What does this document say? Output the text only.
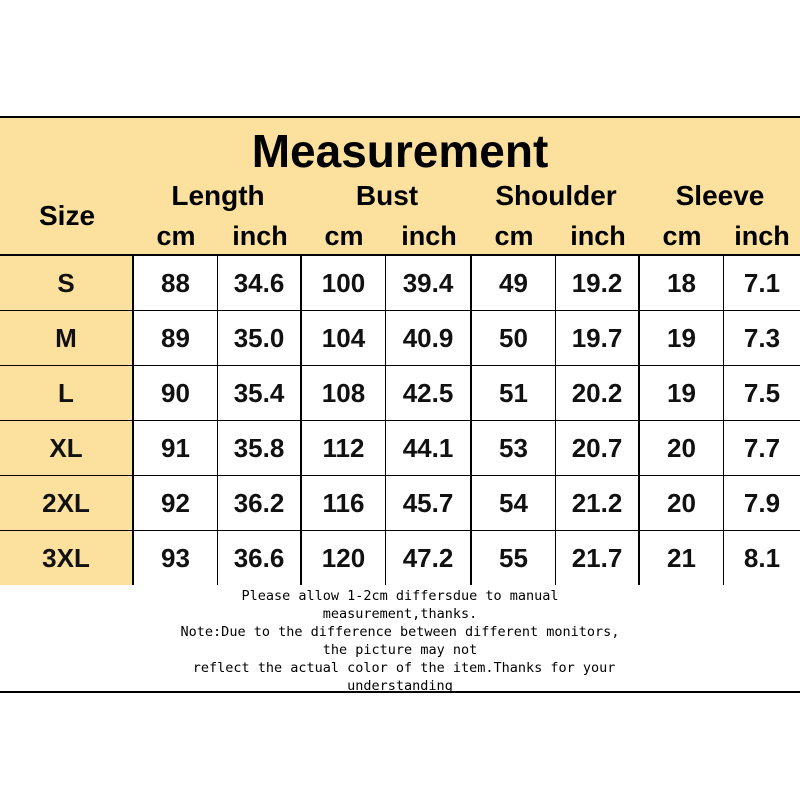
Measurement
Size
Length	Bust	Shoulder	Sleeve
cm	inch	cm	inch	cm	inch	cm	inch
S	88	34.6	100	39.4	49	19.2	18	7.1
M	89	35.0	104	40.9	50	19.7	19	7.3
L	90	35.4	108	42.5	51	20.2	19	7.5
XL	91	35.8	112	44.1	53	20.7	20	7.7
2XL	92	36.2	116	45.7	54	21.2	20	7.9
3XL	93	36.6	120	47.2	55	21.7	21	8.1
Please allow 1-2cm differsdue to manual
measurement,thanks.
Note:Due to the difference between different monitors,
the picture may not
reflect the actual color of the item.Thanks for your
understanding
